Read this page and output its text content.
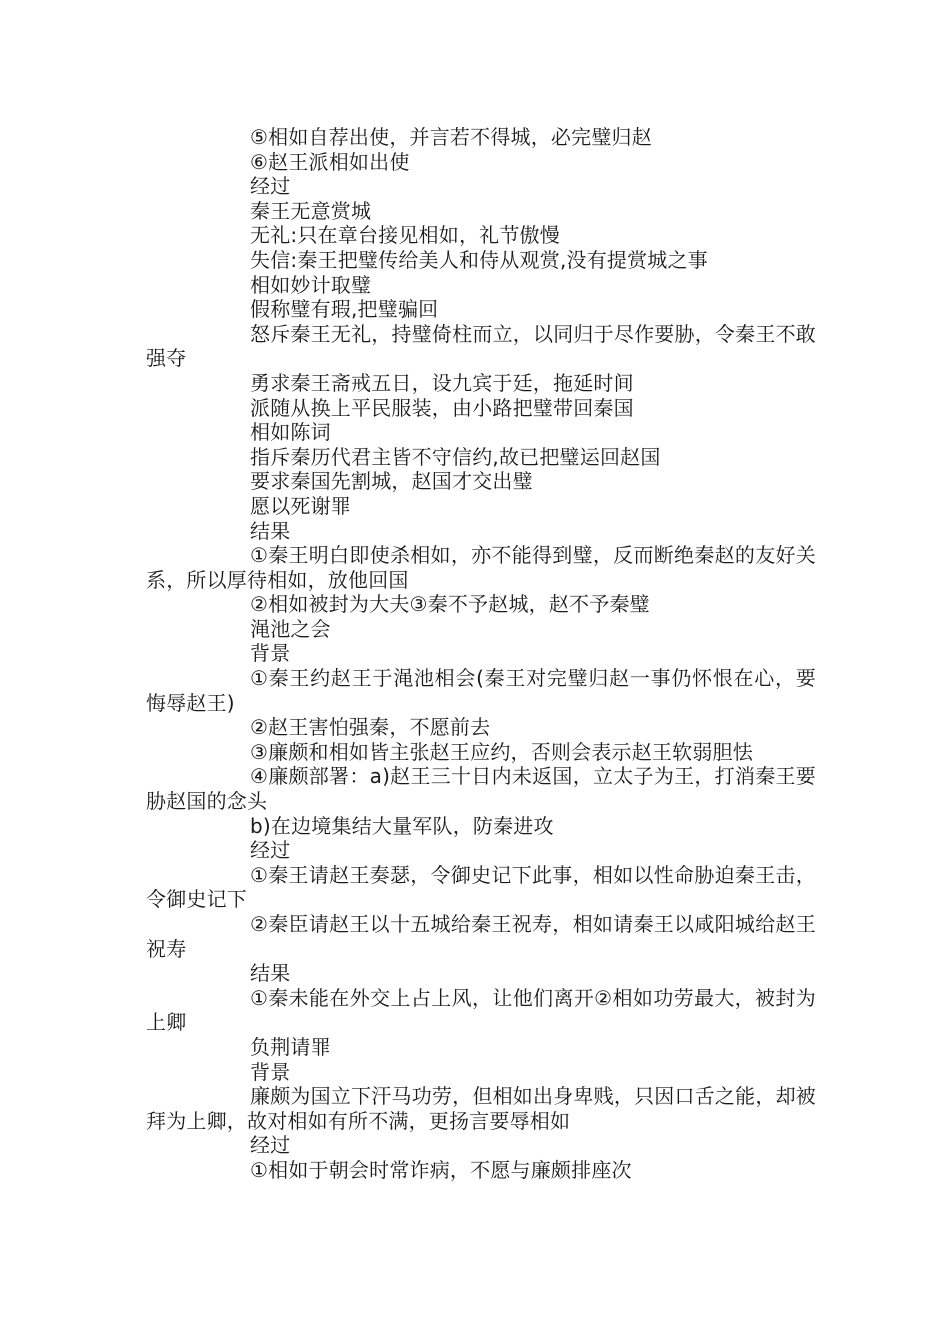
⑤相如自荐出使，并言若不得城，必完璧归赵

⑥赵王派相如出使

经过

秦王无意赏城

无礼:只在章台接见相如，礼节傲慢

失信:秦王把璧传给美人和侍从观赏,没有提赏城之事

相如妙计取璧

假称璧有瑕,把璧骗回

怒斥秦王无礼，持璧倚柱而立，以同归于尽作要胁，令秦王不敢强夺

勇求秦王斋戒五日，设九宾于廷，拖延时间

派随从换上平民服装，由小路把璧带回秦国

相如陈词

指斥秦历代君主皆不守信约,故已把璧运回赵国

要求秦国先割城，赵国才交出璧

愿以死谢罪

结果

①秦王明白即使杀相如，亦不能得到璧，反而断绝秦赵的友好关系，所以厚待相如，放他回国

②相如被封为大夫③秦不予赵城，赵不予秦璧

渑池之会

背景

①秦王约赵王于渑池相会(秦王对完璧归赵一事仍怀恨在心，要悔辱赵王)

②赵王害怕强秦，不愿前去

③廉颇和相如皆主张赵王应约，否则会表示赵王软弱胆怯

④廉颇部署：a)赵王三十日内未返国，立太子为王，打消秦王要胁赵国的念头

b)在边境集结大量军队，防秦进攻

经过

①秦王请赵王奏瑟，令御史记下此事，相如以性命胁迫秦王击，令御史记下

②秦臣请赵王以十五城给秦王祝寿，相如请秦王以咸阳城给赵王祝寿

结果

①秦未能在外交上占上风，让他们离开②相如功劳最大，被封为上卿

负荆请罪

背景

廉颇为国立下汗马功劳，但相如出身卑贱，只因口舌之能，却被拜为上卿，故对相如有所不满，更扬言要辱相如

经过

①相如于朝会时常诈病，不愿与廉颇排座次
